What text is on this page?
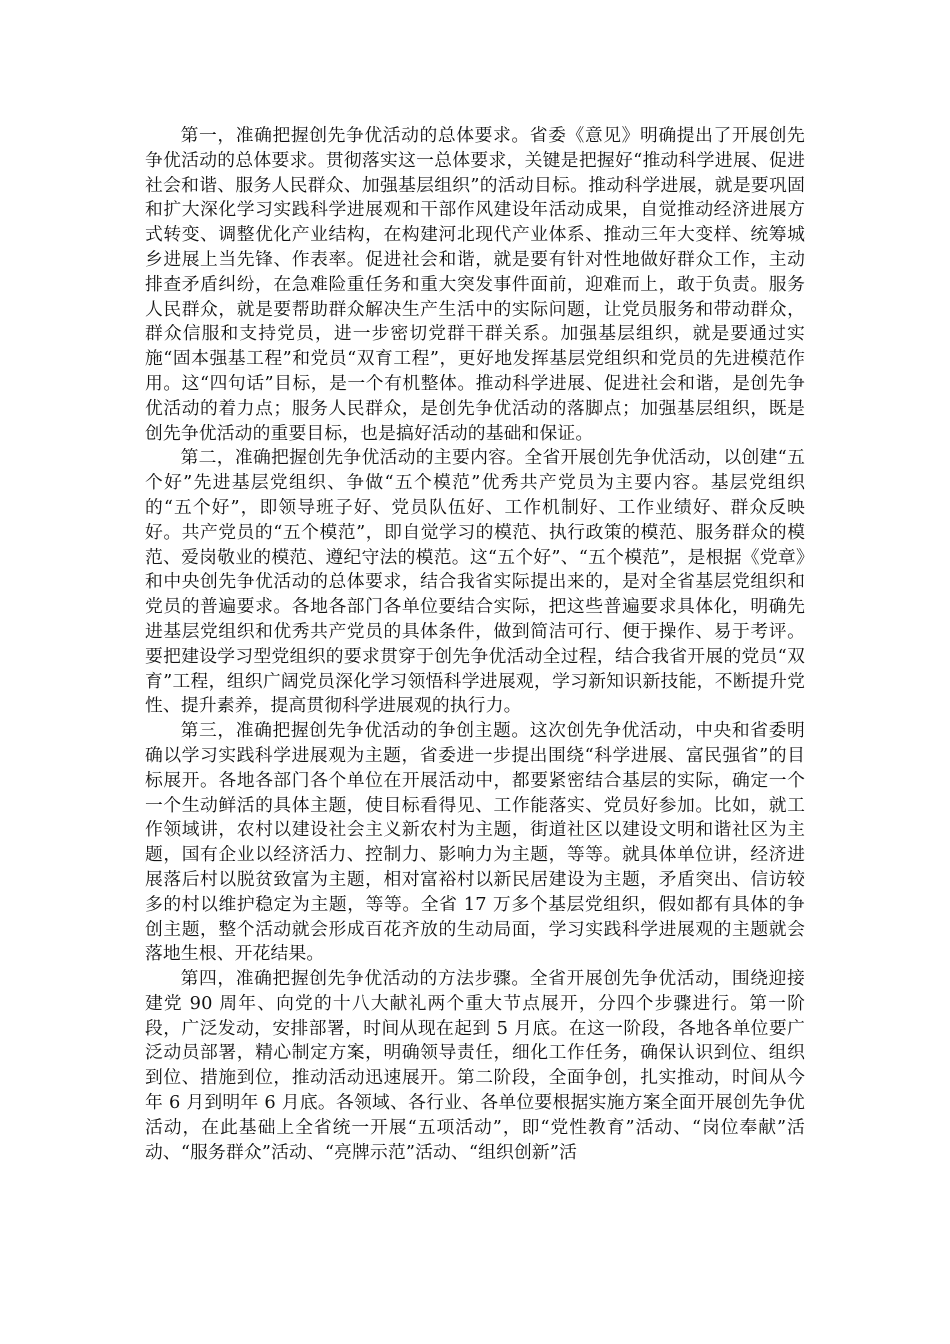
第一，准确把握创先争优活动的总体要求。省委《意见》明确提出了开展创先争优活动的总体要求。贯彻落实这一总体要求，关键是把握好“推动科学进展、促进社会和谐、服务人民群众、加强基层组织”的活动目标。推动科学进展，就是要巩固和扩大深化学习实践科学进展观和干部作风建设年活动成果，自觉推动经济进展方式转变、调整优化产业结构，在构建河北现代产业体系、推动三年大变样、统筹城乡进展上当先锋、作表率。促进社会和谐，就是要有针对性地做好群众工作，主动排查矛盾纠纷，在急难险重任务和重大突发事件面前，迎难而上，敢于负责。服务人民群众，就是要帮助群众解决生产生活中的实际问题，让党员服务和带动群众，群众信服和支持党员，进一步密切党群干群关系。加强基层组织，就是要通过实施“固本强基工程”和党员“双育工程”，更好地发挥基层党组织和党员的先进模范作用。这“四句话”目标，是一个有机整体。推动科学进展、促进社会和谐，是创先争优活动的着力点；服务人民群众，是创先争优活动的落脚点；加强基层组织，既是创先争优活动的重要目标，也是搞好活动的基础和保证。

第二，准确把握创先争优活动的主要内容。全省开展创先争优活动，以创建“五个好”先进基层党组织、争做“五个模范”优秀共产党员为主要内容。基层党组织的“五个好”，即领导班子好、党员队伍好、工作机制好、工作业绩好、群众反映好。共产党员的“五个模范”，即自觉学习的模范、执行政策的模范、服务群众的模范、爱岗敬业的模范、遵纪守法的模范。这“五个好”、“五个模范”，是根据《党章》和中央创先争优活动的总体要求，结合我省实际提出来的，是对全省基层党组织和党员的普遍要求。各地各部门各单位要结合实际，把这些普遍要求具体化，明确先进基层党组织和优秀共产党员的具体条件，做到简洁可行、便于操作、易于考评。要把建设学习型党组织的要求贯穿于创先争优活动全过程，结合我省开展的党员“双育”工程，组织广阔党员深化学习领悟科学进展观，学习新知识新技能，不断提升党性、提升素养，提高贯彻科学进展观的执行力。

第三，准确把握创先争优活动的争创主题。这次创先争优活动，中央和省委明确以学习实践科学进展观为主题，省委进一步提出围绕“科学进展、富民强省”的目标展开。各地各部门各个单位在开展活动中，都要紧密结合基层的实际，确定一个一个生动鲜活的具体主题，使目标看得见、工作能落实、党员好参加。比如，就工作领域讲，农村以建设社会主义新农村为主题，街道社区以建设文明和谐社区为主题，国有企业以经济活力、控制力、影响力为主题，等等。就具体单位讲，经济进展落后村以脱贫致富为主题，相对富裕村以新民居建设为主题，矛盾突出、信访较多的村以维护稳定为主题，等等。全省 17 万多个基层党组织，假如都有具体的争创主题，整个活动就会形成百花齐放的生动局面，学习实践科学进展观的主题就会落地生根、开花结果。

第四，准确把握创先争优活动的方法步骤。全省开展创先争优活动，围绕迎接建党 90 周年、向党的十八大献礼两个重大节点展开，分四个步骤进行。第一阶段，广泛发动，安排部署，时间从现在起到 5 月底。在这一阶段，各地各单位要广泛动员部署，精心制定方案，明确领导责任，细化工作任务，确保认识到位、组织到位、措施到位，推动活动迅速展开。第二阶段，全面争创，扎实推动，时间从今年 6 月到明年 6 月底。各领域、各行业、各单位要根据实施方案全面开展创先争优活动，在此基础上全省统一开展“五项活动”，即“党性教育”活动、“岗位奉献”活动、“服务群众”活动、“亮牌示范”活动、“组织创新”活
